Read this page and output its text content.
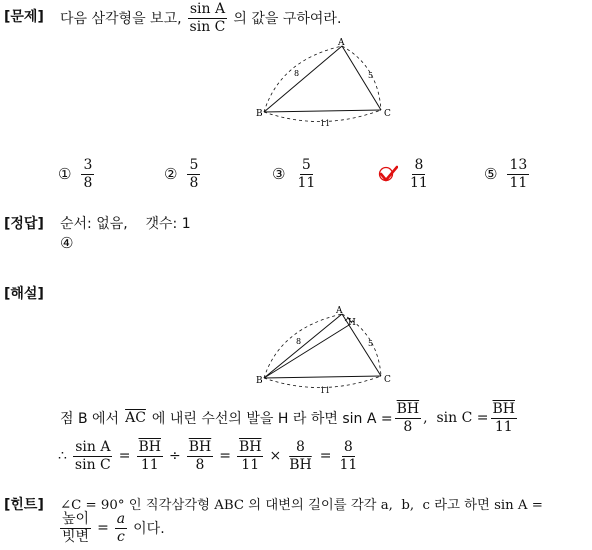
[문제] 다음 삼각형을 보고, $\frac{\text{sin A}}{\text{sin C}}$ 의 값을 구하여라.
A
B	C
8	5
11
① $\frac{3}{8}$	② $\frac{5}{8}$	③ $\frac{5}{11}$	$\frac{8}{11}$	⑤ $\frac{13}{11}$
[정답] 순서: 없음,    갯수: 1
④
[해설]
A
H
B	C
8	5
11
점 B 에서 $\overline{AC}$ 에 내린 수선의 발을 H 라 하면 $\sin A = \frac{\overline{BH}}{8}$ ,  $\sin C = \frac{\overline{BH}}{11}$
∴ $\frac{\text{sin A}}{\text{sin C}} = \frac{\overline{BH}}{11} \div \frac{\overline{BH}}{8} = \frac{\overline{BH}}{11} \times \frac{8}{BH} = \frac{8}{11}$
[힌트] ∠C = 90° 인 직각삼각형 ABC 의 대변의 길이를 각각 a,  b,  c 라고 하면 sin A =
$\frac{\text{높이}}{\text{빗변}} = \frac{a}{c}$ 이다.
